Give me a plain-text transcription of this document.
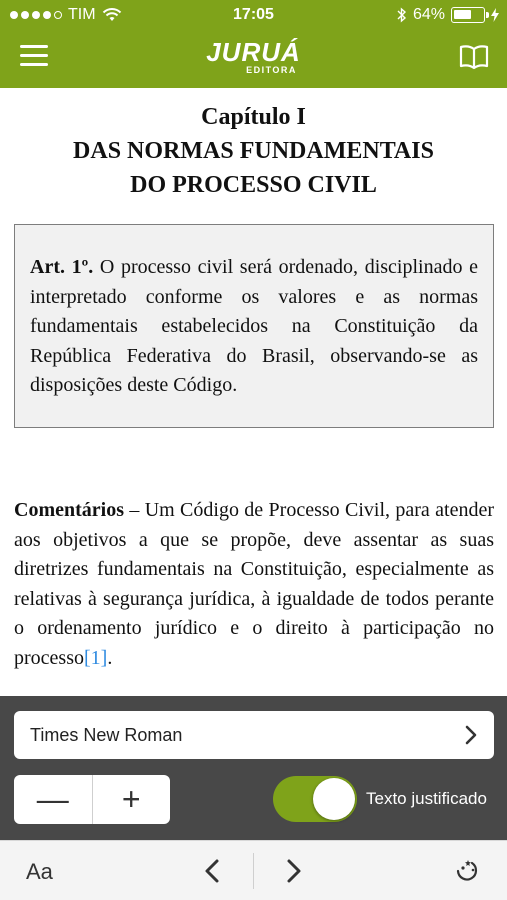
TIM	17:05	64%
JURUÁ
EDITORA
Capítulo I
DAS NORMAS FUNDAMENTAIS
DO PROCESSO CIVIL
Art. 1º. O processo civil será ordenado, disciplinado e interpretado conforme os valores e as normas fundamentais estabelecidos na Constituição da República Federativa do Brasil, observando-se as disposições deste Código.
Comentários – Um Código de Processo Civil, para atender aos objetivos a que se propõe, deve assentar as suas diretrizes fundamentais na Constituição, especialmente as relativas à segurança jurídica, à igualdade de todos perante o ordenamento jurídico e o direito à participação no processo[1].
Times New Roman
—	+	Texto justificado
Aa
